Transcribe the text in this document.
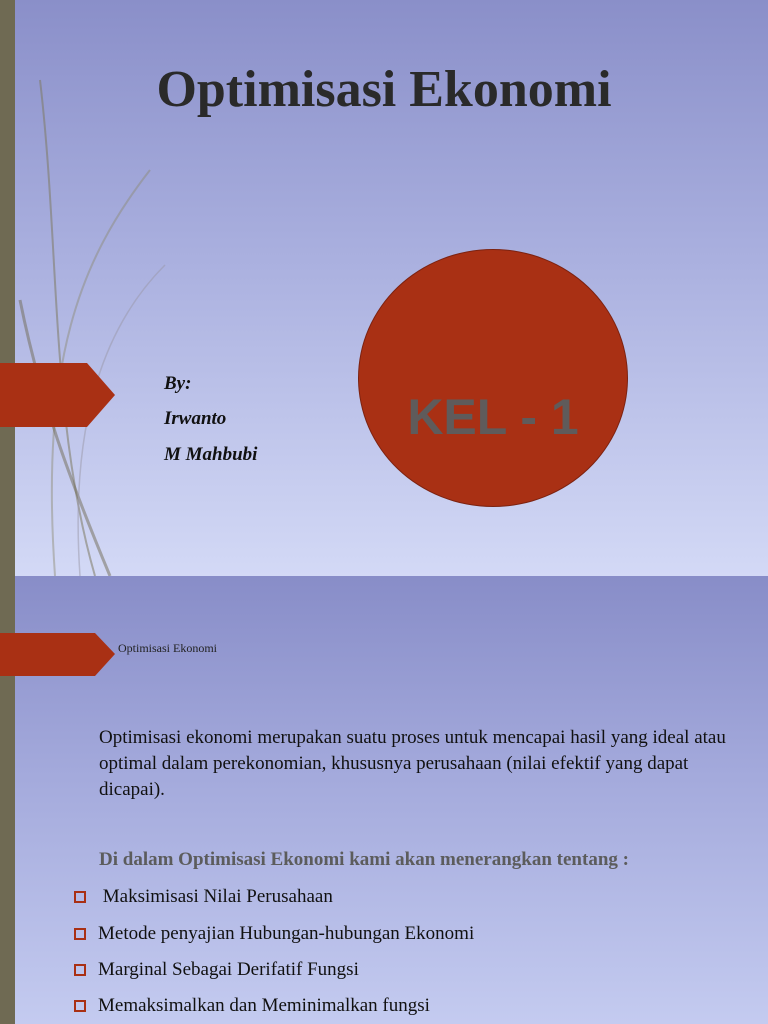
Optimisasi Ekonomi
By:
Irwanto
M Mahbubi
KEL - 1
Optimisasi Ekonomi
Optimisasi ekonomi merupakan suatu proses untuk mencapai hasil yang ideal atau optimal dalam perekonomian, khususnya perusahaan (nilai efektif yang dapat dicapai).
Di dalam Optimisasi Ekonomi kami akan menerangkan tentang :
Maksimisasi Nilai Perusahaan
Metode penyajian Hubungan-hubungan Ekonomi
Marginal Sebagai Derifatif Fungsi
Memaksimalkan dan Meminimalkan fungsi
